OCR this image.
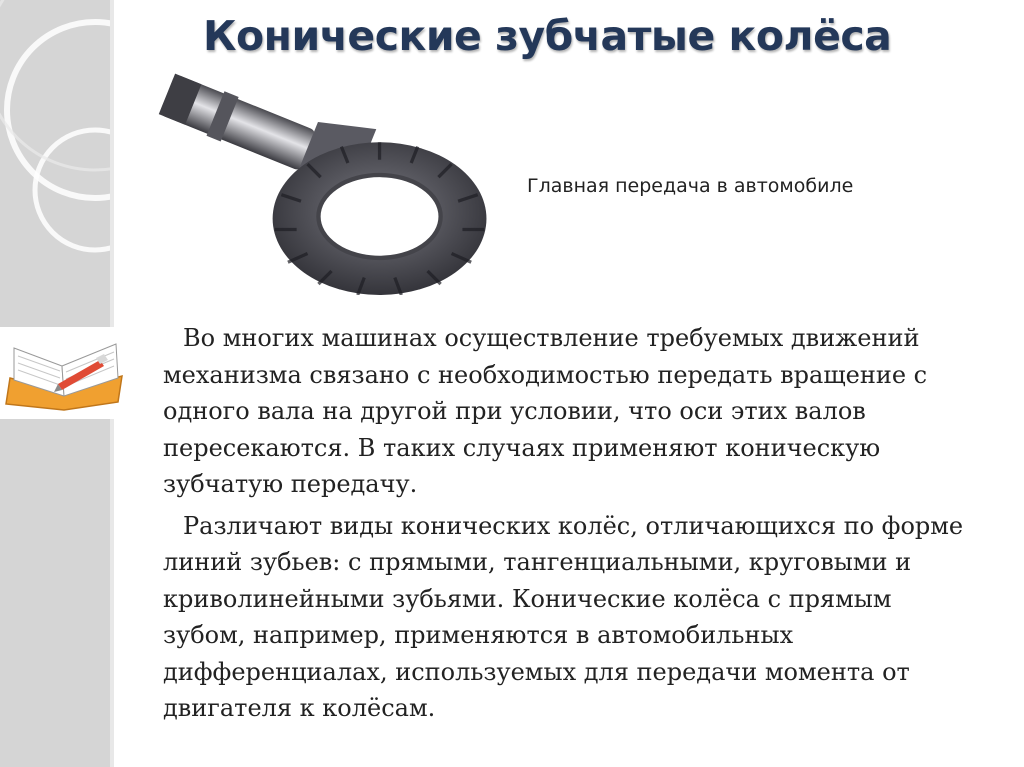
Конические зубчатые колёса
Главная передача в автомобиле

Во многих машинах осуществление требуемых движений механизма связано с необходимостью передать вращение с одного вала на другой при условии, что оси этих валов пересекаются. В таких случаях применяют коническую зубчатую передачу.

Различают виды конических колёс, отличающихся по форме линий зубьев: с прямыми, тангенциальными, круговыми и криволинейными зубьями. Конические колёса с прямым зубом, например, применяются в автомобильных дифференциалах, используемых для передачи момента от двигателя к колёсам.
